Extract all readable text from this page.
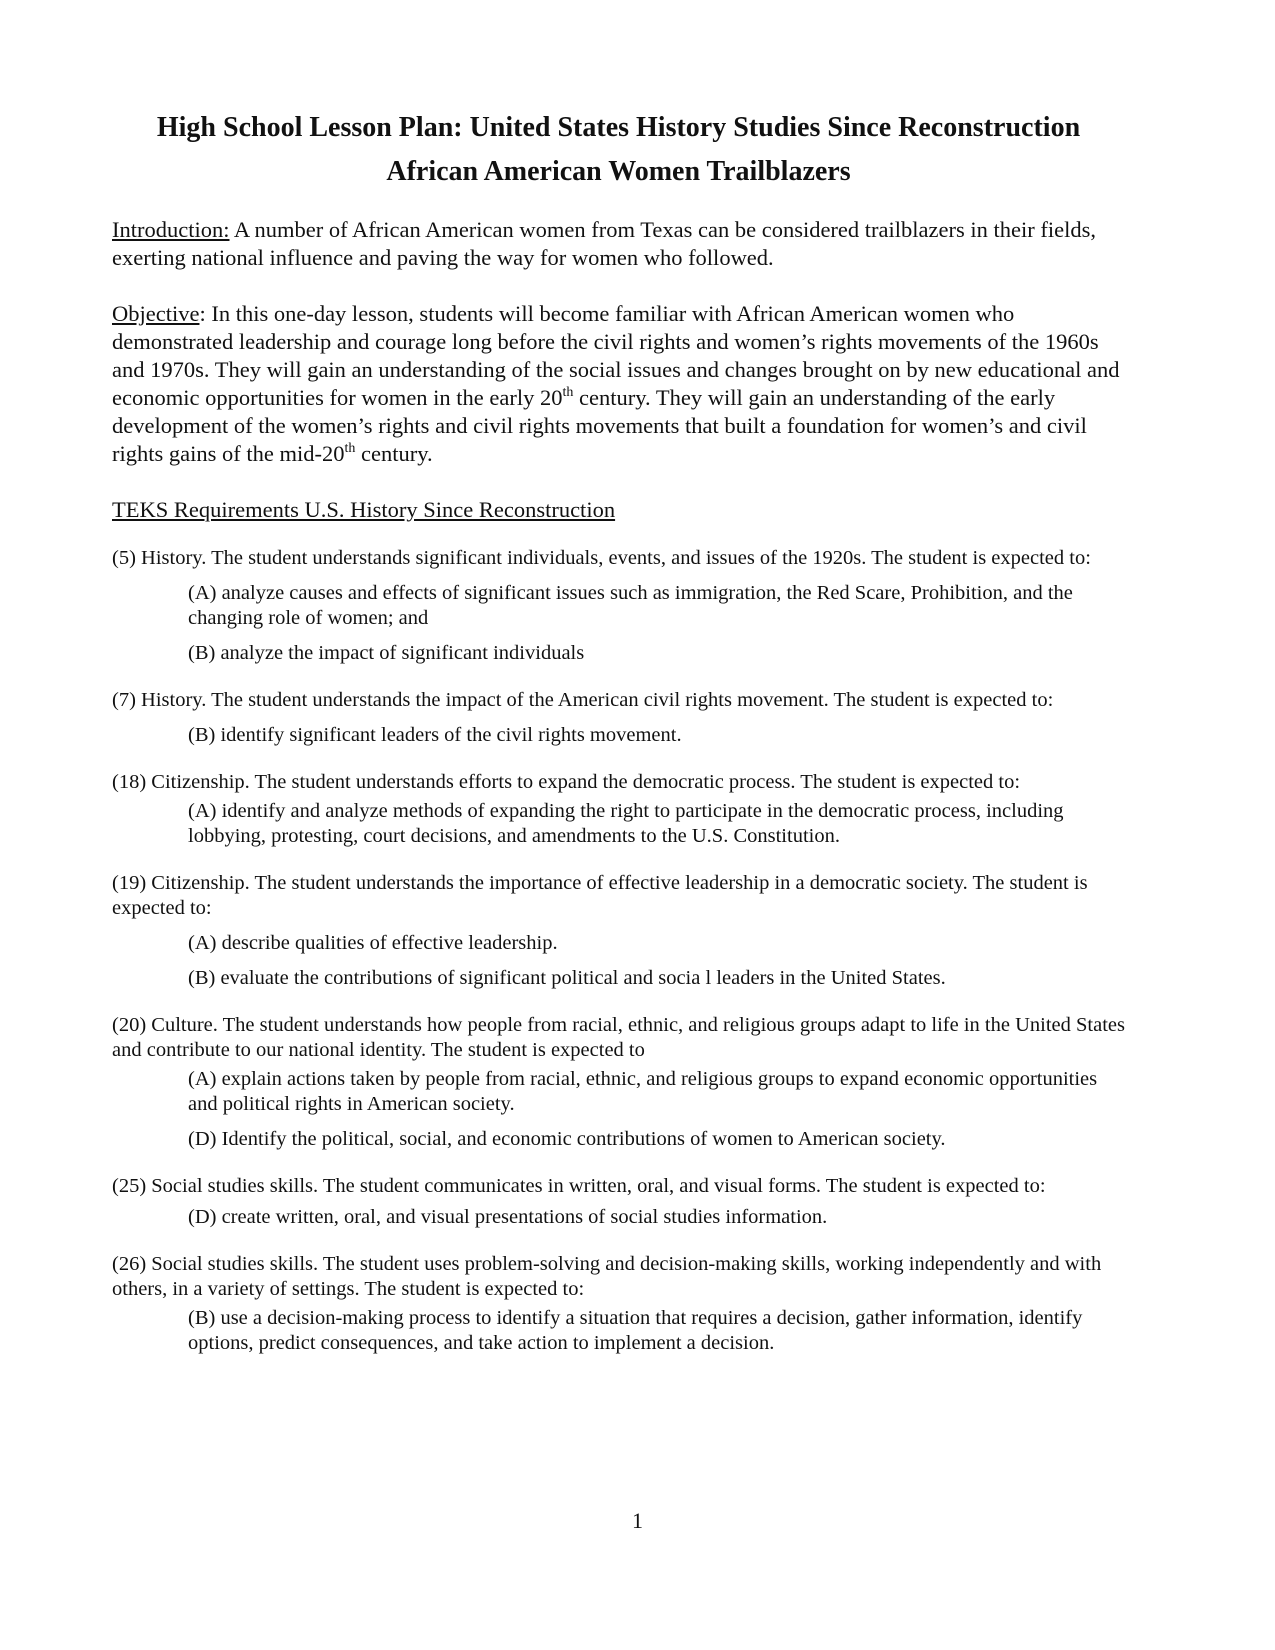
High School Lesson Plan: United States History Studies Since Reconstruction
African American Women Trailblazers

Introduction: A number of African American women from Texas can be considered trailblazers in their fields, exerting national influence and paving the way for women who followed.

Objective: In this one-day lesson, students will become familiar with African American women who demonstrated leadership and courage long before the civil rights and women’s rights movements of the 1960s and 1970s. They will gain an understanding of the social issues and changes brought on by new educational and economic opportunities for women in the early 20th century. They will gain an understanding of the early development of the women’s rights and civil rights movements that built a foundation for women’s and civil rights gains of the mid-20th century.

TEKS Requirements U.S. History Since Reconstruction

(5) History. The student understands significant individuals, events, and issues of the 1920s. The student is expected to:
(A) analyze causes and effects of significant issues such as immigration, the Red Scare, Prohibition, and the changing role of women; and
(B) analyze the impact of significant individuals
(7) History. The student understands the impact of the American civil rights movement. The student is expected to:
(B) identify significant leaders of the civil rights movement.
(18) Citizenship. The student understands efforts to expand the democratic process. The student is expected to:
(A) identify and analyze methods of expanding the right to participate in the democratic process, including lobbying, protesting, court decisions, and amendments to the U.S. Constitution.
(19) Citizenship. The student understands the importance of effective leadership in a democratic society. The student is expected to:
(A) describe qualities of effective leadership.
(B) evaluate the contributions of significant political and socia l leaders in the United States.
(20) Culture. The student understands how people from racial, ethnic, and religious groups adapt to life in the United States and contribute to our national identity. The student is expected to
(A) explain actions taken by people from racial, ethnic, and religious groups to expand economic opportunities and political rights in American society.
(D) Identify the political, social, and economic contributions of women to American society.
(25) Social studies skills. The student communicates in written, oral, and visual forms. The student is expected to:
(D) create written, oral, and visual presentations of social studies information.
(26) Social studies skills. The student uses problem-solving and decision-making skills, working independently and with others, in a variety of settings. The student is expected to:
(B) use a decision-making process to identify a situation that requires a decision, gather information, identify options, predict consequences, and take action to implement a decision.
1
